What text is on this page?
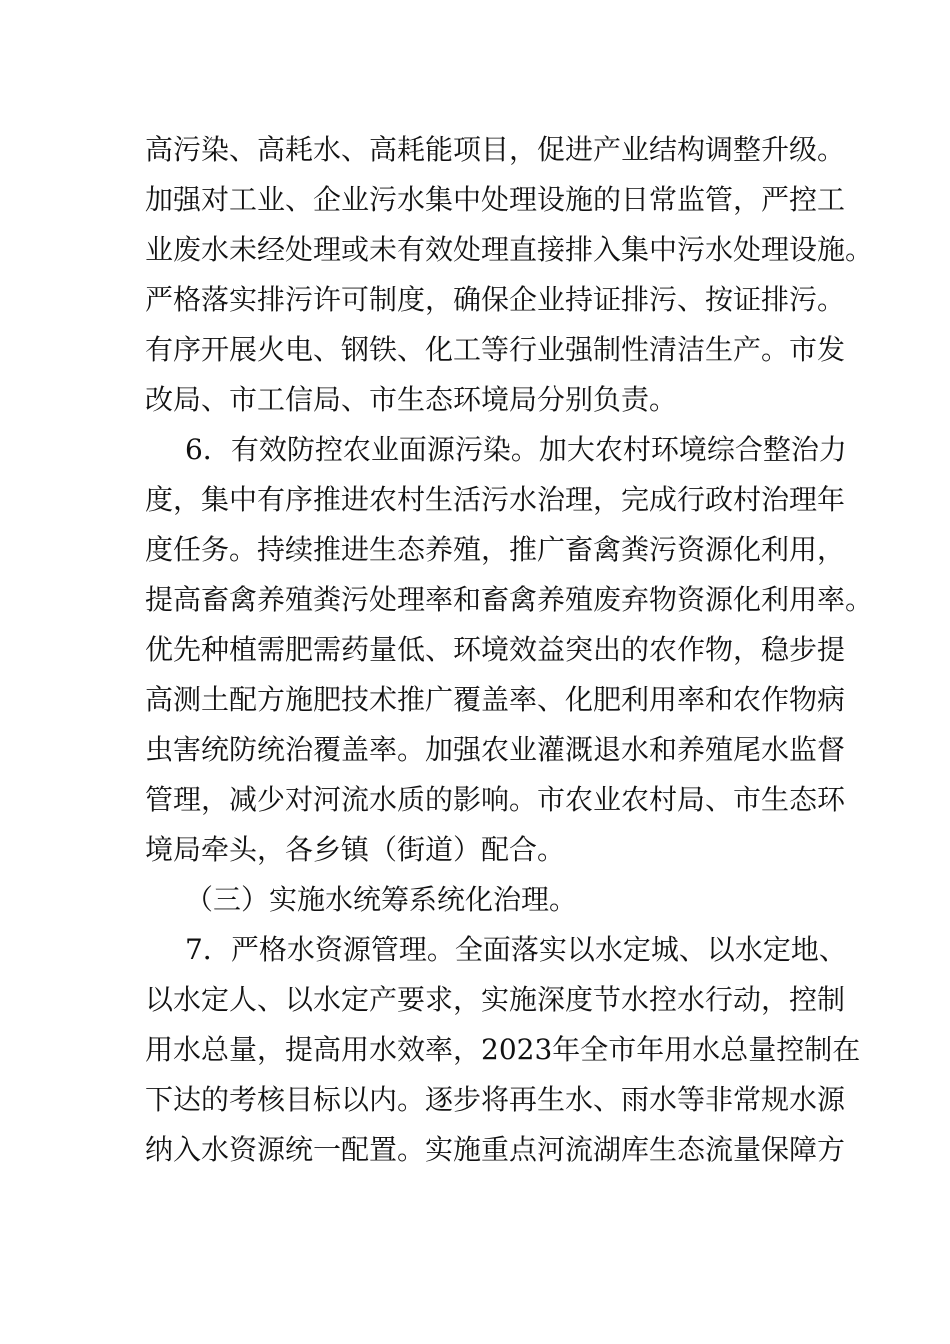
高污染、高耗水、高耗能项目，促进产业结构调整升级。
加强对工业、企业污水集中处理设施的日常监管，严控工
业废水未经处理或未有效处理直接排入集中污水处理设施。
严格落实排污许可制度，确保企业持证排污、按证排污。
有序开展火电、钢铁、化工等行业强制性清洁生产。市发
改局、市工信局、市生态环境局分别负责。
6．有效防控农业面源污染。加大农村环境综合整治力
度，集中有序推进农村生活污水治理，完成行政村治理年
度任务。持续推进生态养殖，推广畜禽粪污资源化利用，
提高畜禽养殖粪污处理率和畜禽养殖废弃物资源化利用率。
优先种植需肥需药量低、环境效益突出的农作物，稳步提
高测土配方施肥技术推广覆盖率、化肥利用率和农作物病
虫害统防统治覆盖率。加强农业灌溉退水和养殖尾水监督
管理，减少对河流水质的影响。市农业农村局、市生态环
境局牵头，各乡镇（街道）配合。
（三）实施水统筹系统化治理。
7．严格水资源管理。全面落实以水定城、以水定地、
以水定人、以水定产要求，实施深度节水控水行动，控制
用水总量，提高用水效率，2023年全市年用水总量控制在
下达的考核目标以内。逐步将再生水、雨水等非常规水源
纳入水资源统一配置。实施重点河流湖库生态流量保障方
